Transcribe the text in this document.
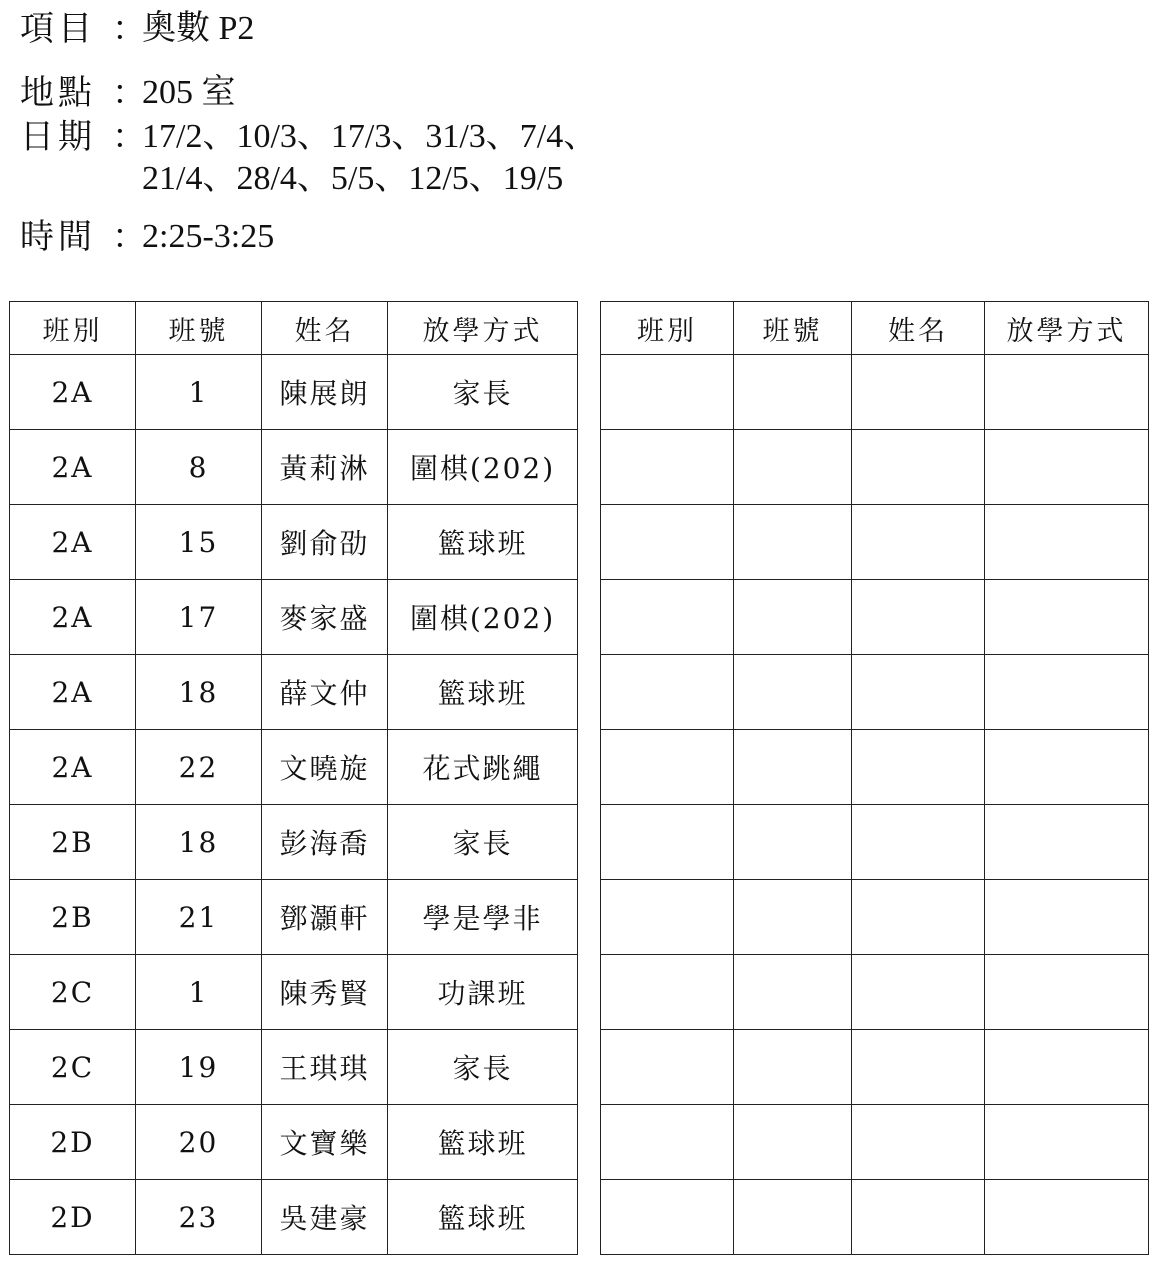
項目 ：
奧數 P2
地點 ：
205 室
日期 ：
17/2、10/3、17/3、31/3、7/4、
21/4、28/4、5/5、12/5、19/5
時間 ：
2:25-3:25
班別	班號	姓名	放學方式
2A	1	陳展朗	家長
2A	8	黃莉淋	圍棋(202)
2A	15	劉俞劭	籃球班
2A	17	麥家盛	圍棋(202)
2A	18	薛文仲	籃球班
2A	22	文曉旋	花式跳繩
2B	18	彭海喬	家長
2B	21	鄧灝軒	學是學非
2C	1	陳秀賢	功課班
2C	19	王琪琪	家長
2D	20	文寶樂	籃球班
2D	23	吳建豪	籃球班
班別	班號	姓名	放學方式
